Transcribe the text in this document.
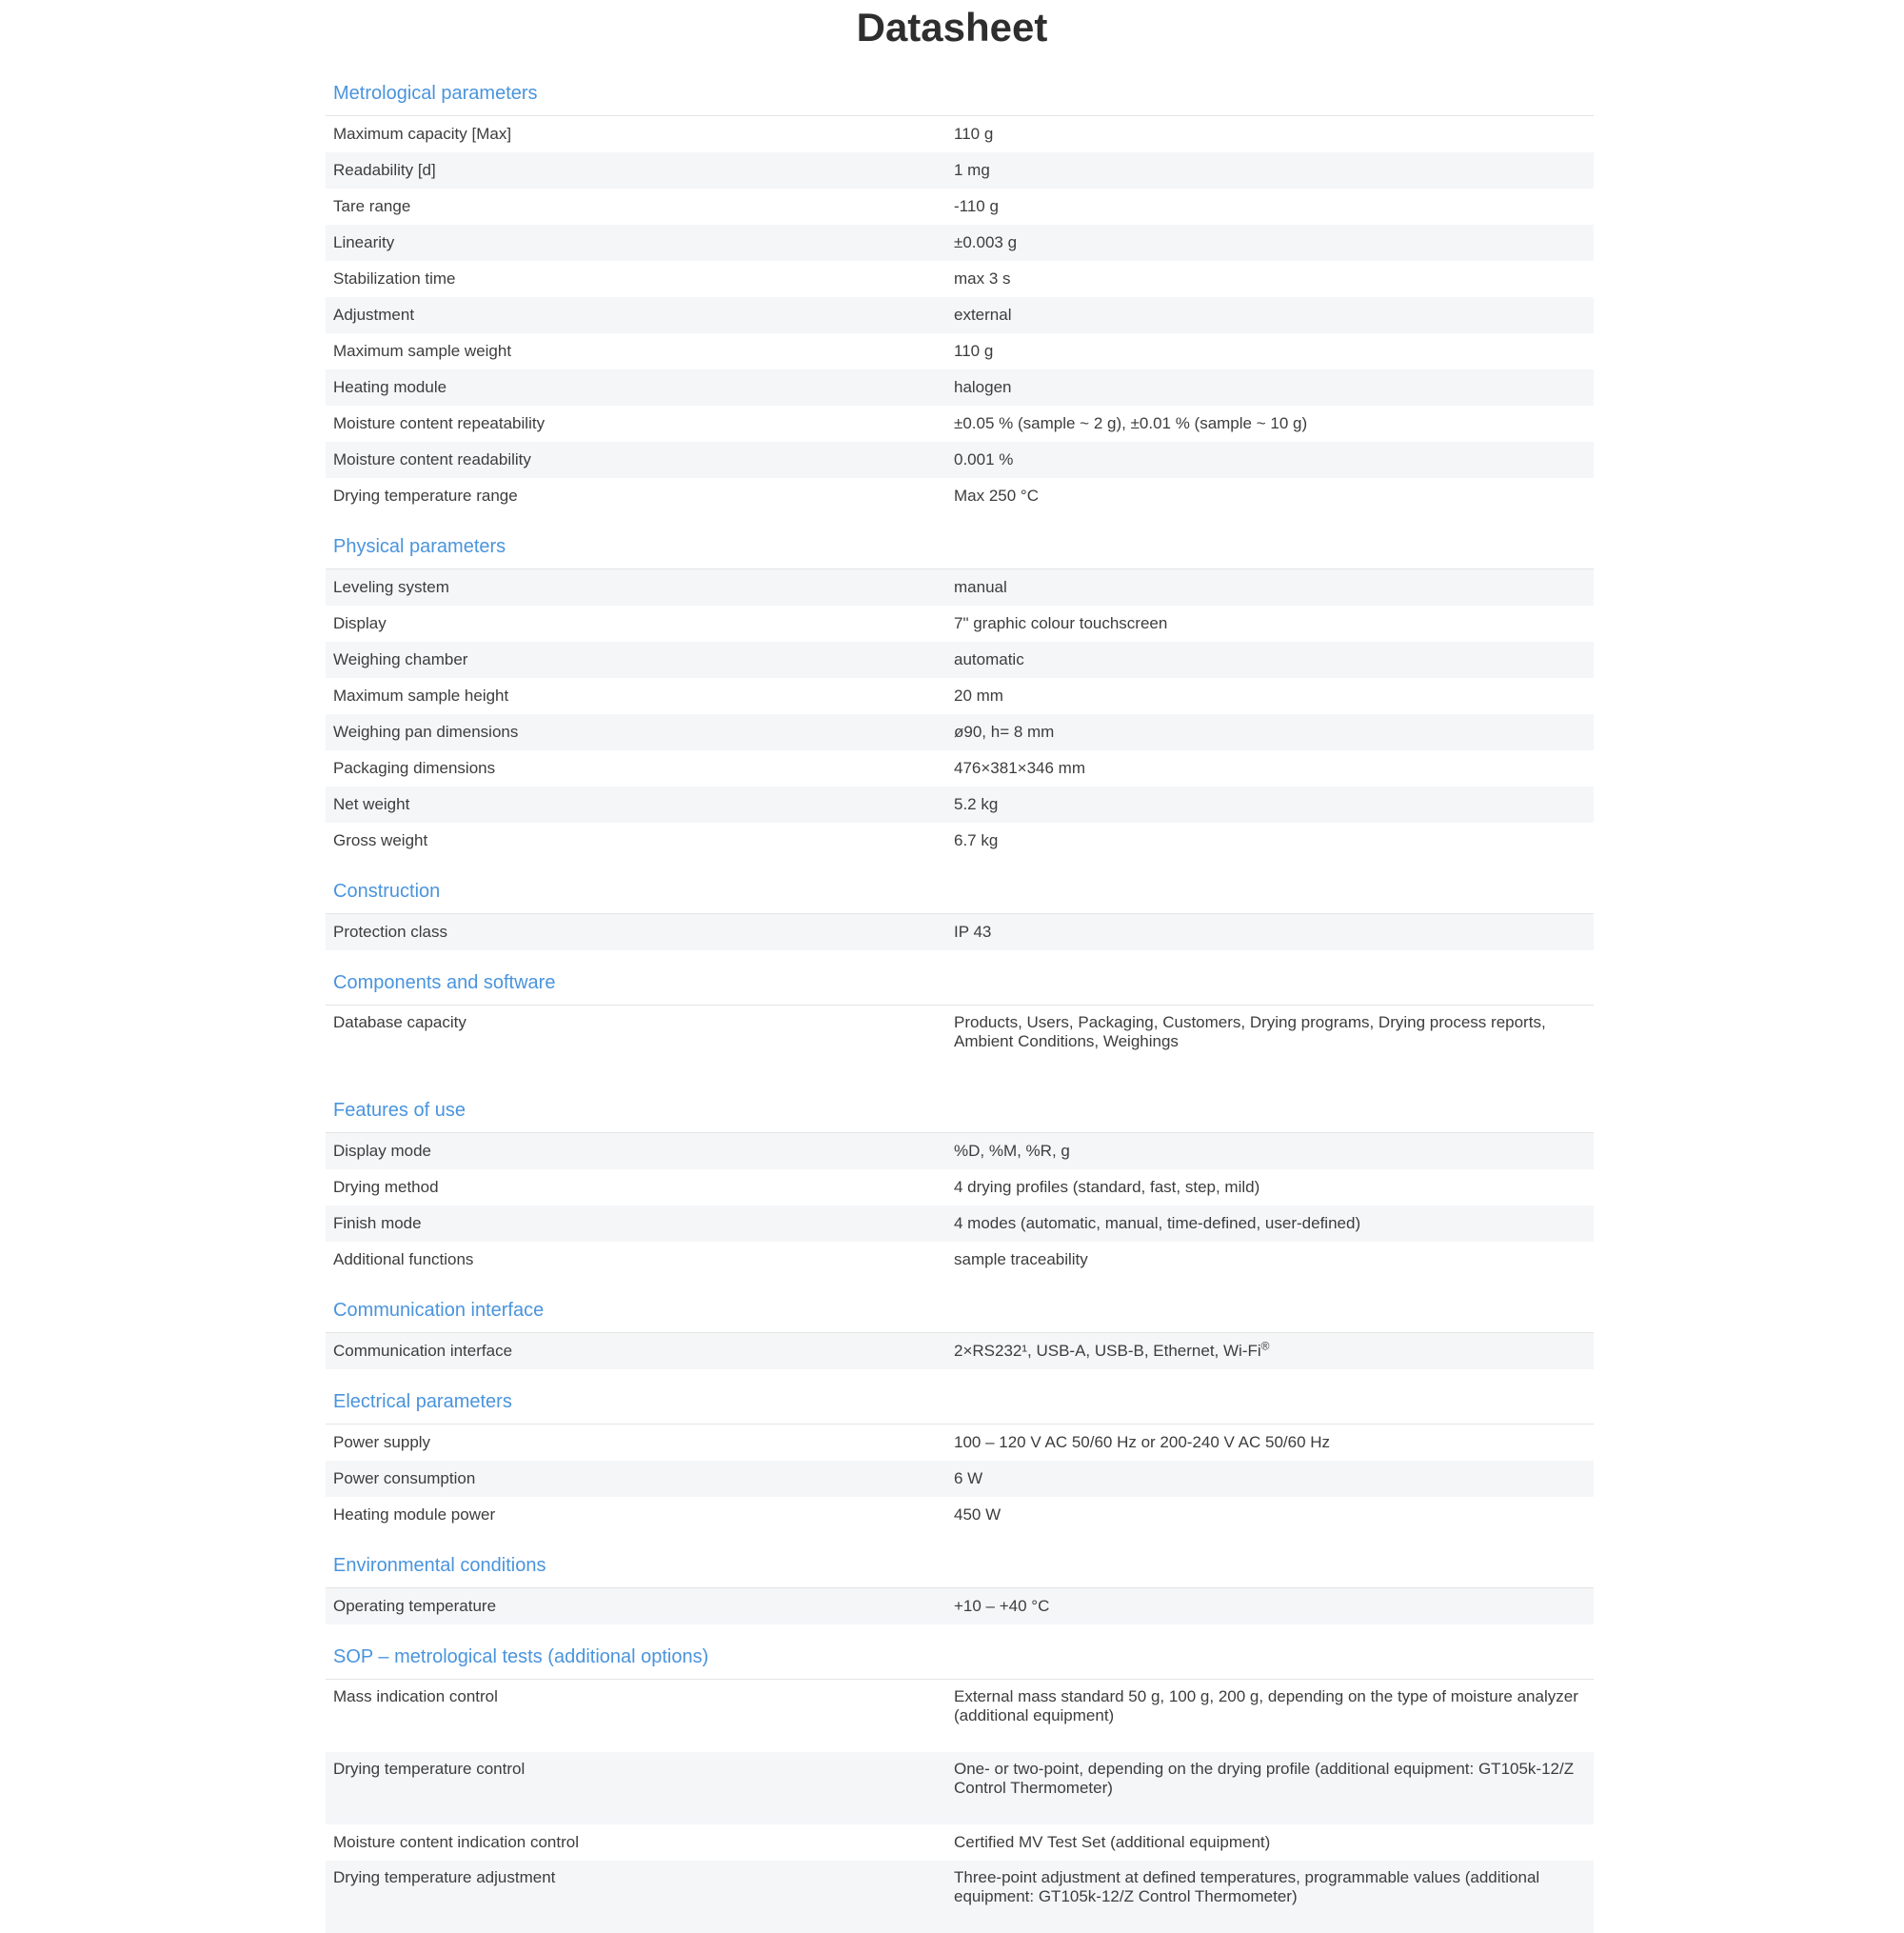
Datasheet
Metrological parameters
Maximum capacity [Max]	110 g
Readability [d]	1 mg
Tare range	-110 g
Linearity	±0.003 g
Stabilization time	max 3 s
Adjustment	external
Maximum sample weight	110 g
Heating module	halogen
Moisture content repeatability	±0.05 % (sample ~ 2 g), ±0.01 % (sample ~ 10 g)
Moisture content readability	0.001 %
Drying temperature range	Max 250 °C
Physical parameters
Leveling system	manual
Display	7" graphic colour touchscreen
Weighing chamber	automatic
Maximum sample height	20 mm
Weighing pan dimensions	ø90, h= 8 mm
Packaging dimensions	476×381×346 mm
Net weight	5.2 kg
Gross weight	6.7 kg
Construction
Protection class	IP 43
Components and software
Database capacity	Products, Users, Packaging, Customers, Drying programs, Drying process reports, Ambient Conditions, Weighings
Features of use
Display mode	%D, %M, %R, g
Drying method	4 drying profiles (standard, fast, step, mild)
Finish mode	4 modes (automatic, manual, time-defined, user-defined)
Additional functions	sample traceability
Communication interface
Communication interface	2×RS232¹, USB-A, USB-B, Ethernet, Wi-Fi®
Electrical parameters
Power supply	100 – 120 V AC 50/60 Hz or 200-240 V AC 50/60 Hz
Power consumption	6 W
Heating module power	450 W
Environmental conditions
Operating temperature	+10 – +40 °C
SOP – metrological tests (additional options)
Mass indication control	External mass standard 50 g, 100 g, 200 g, depending on the type of moisture analyzer (additional equipment)
Drying temperature control	One- or two-point, depending on the drying profile (additional equipment: GT105k-12/Z Control Thermometer)
Moisture content indication control	Certified MV Test Set (additional equipment)
Drying temperature adjustment	Three-point adjustment at defined temperatures, programmable values (additional equipment: GT105k-12/Z Control Thermometer)
